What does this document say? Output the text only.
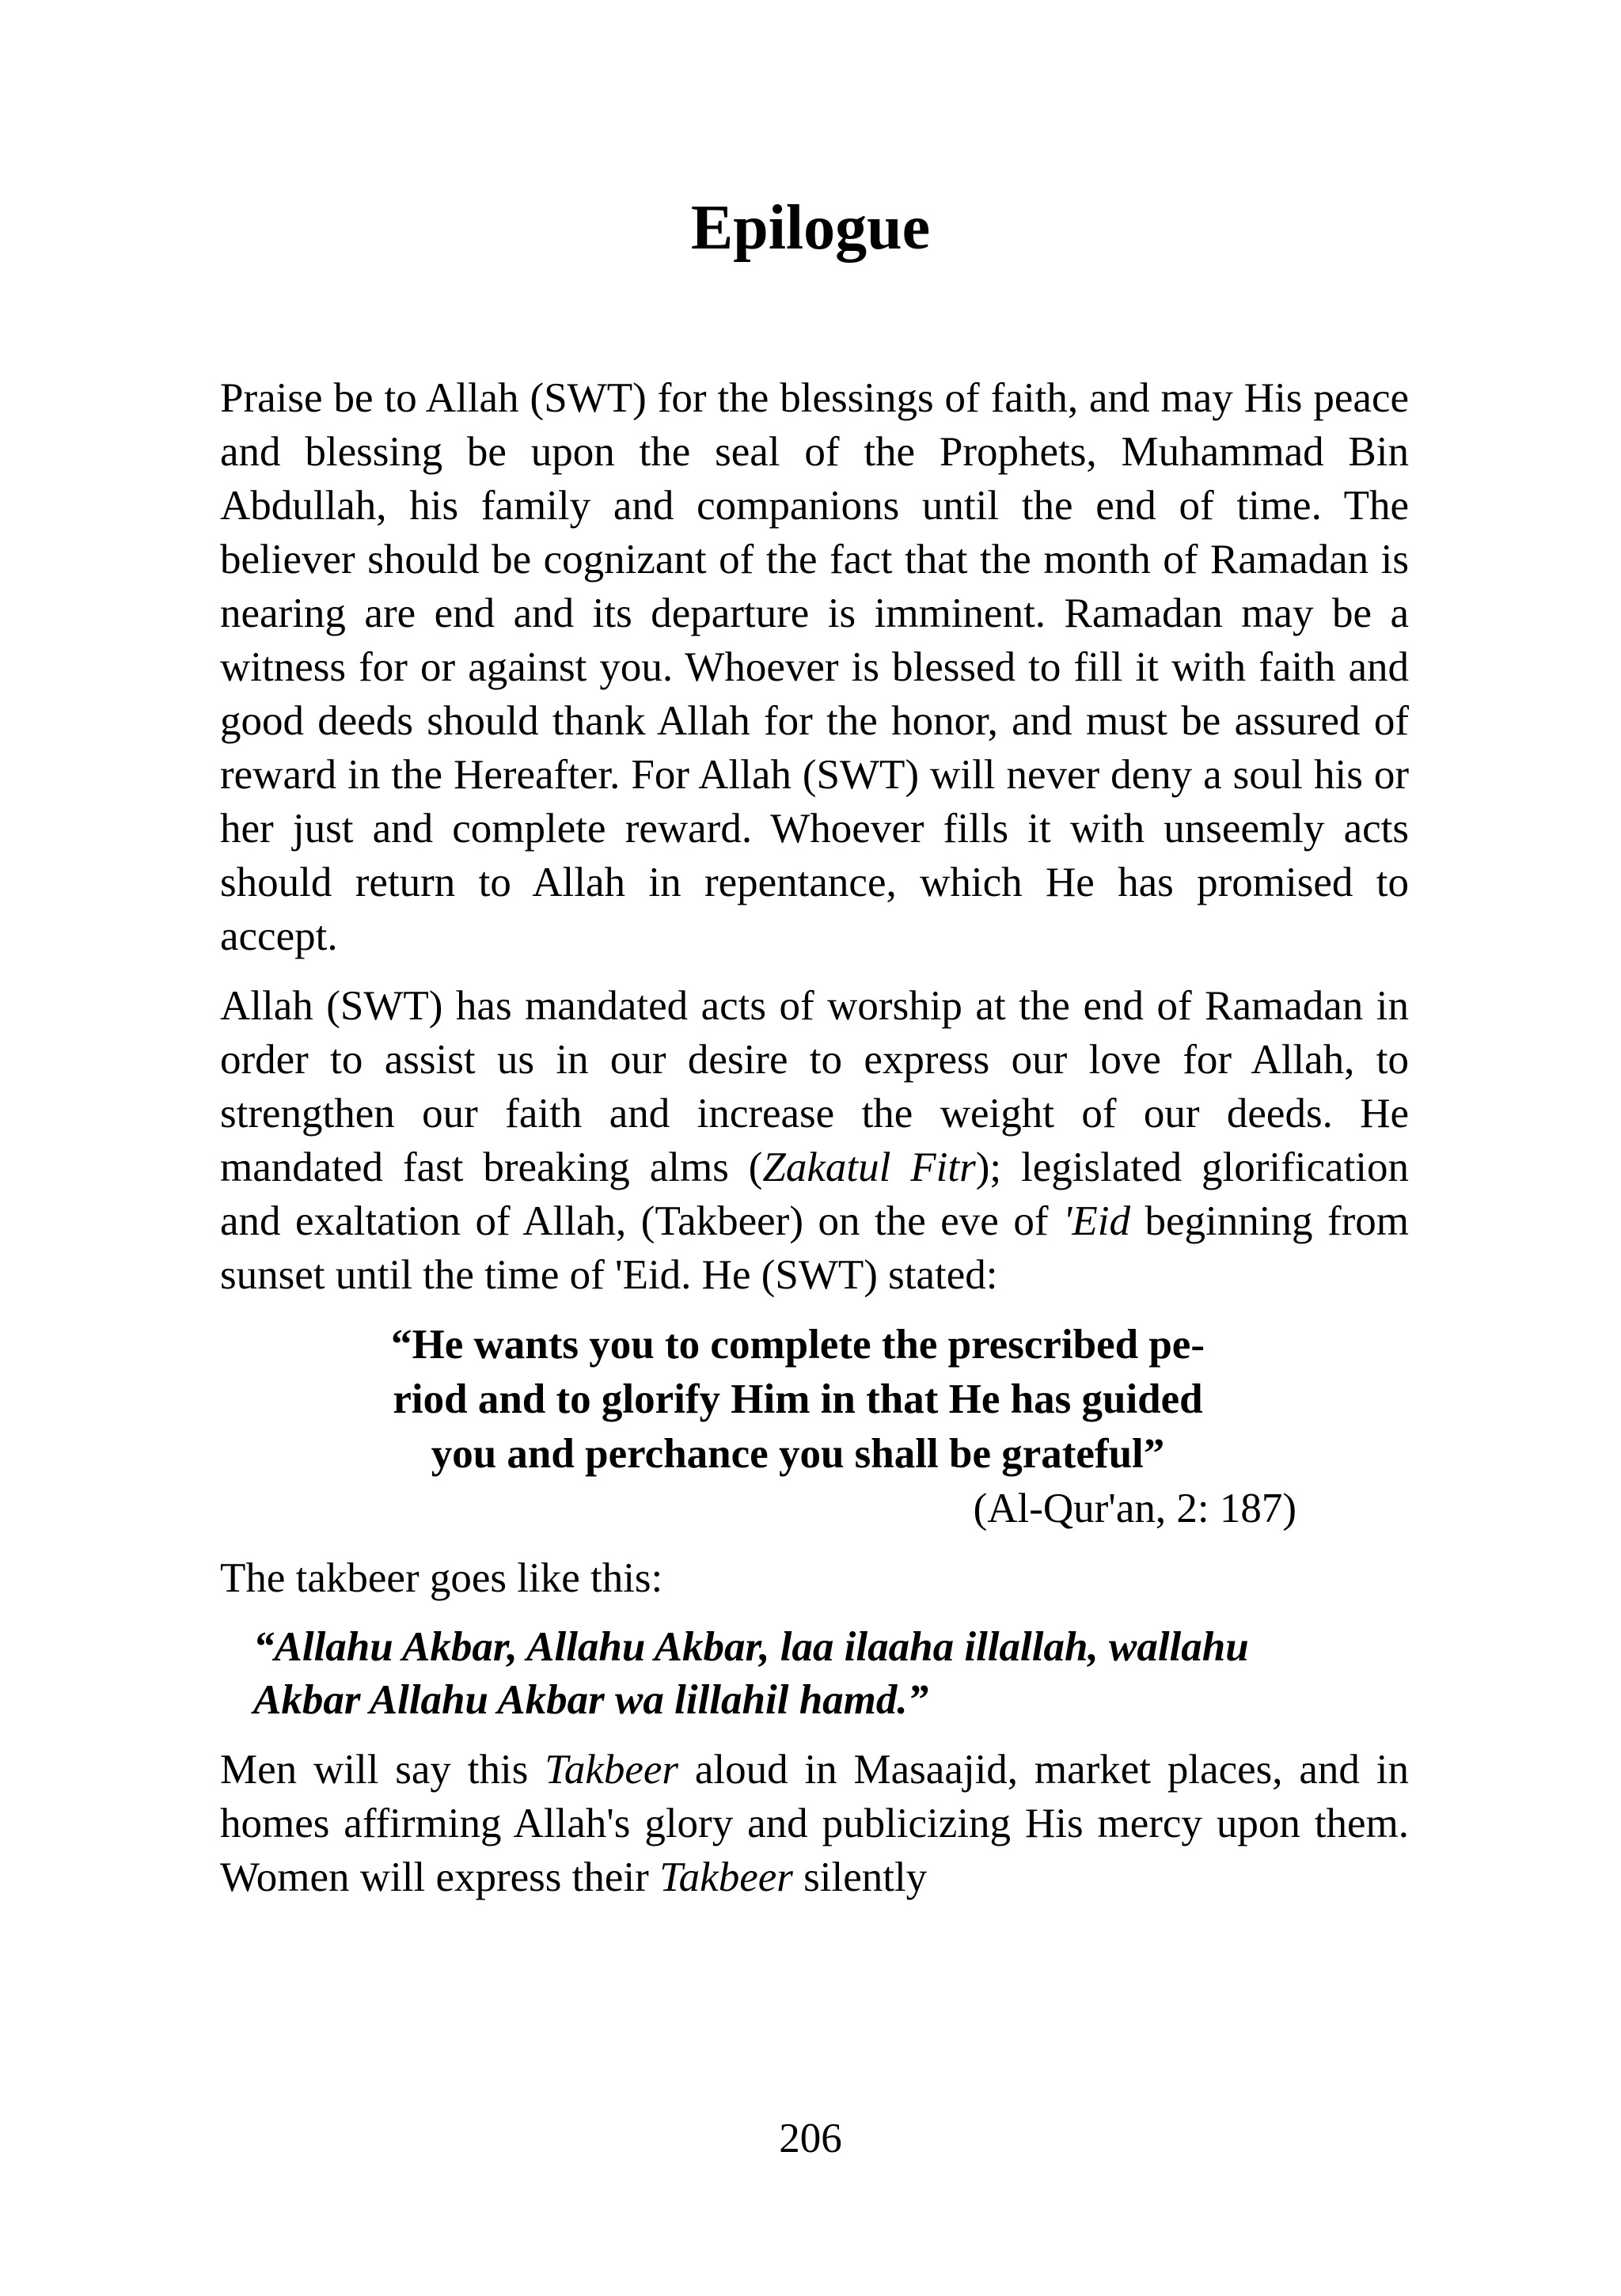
Epilogue

Praise be to Allah (SWT) for the blessings of faith, and may His peace and blessing be upon the seal of the Prophets, Muhammad Bin Abdullah, his family and companions until the end of time. The believer should be cognizant of the fact that the month of Ramadan is nearing are end and its departure is imminent. Ramadan may be a witness for or against you. Whoever is blessed to fill it with faith and good deeds should thank Allah for the honor, and must be assured of reward in the Hereafter. For Allah (SWT) will never deny a soul his or her just and complete reward. Whoever fills it with unseemly acts should return to Allah in repentance, which He has promised to accept.

Allah (SWT) has mandated acts of worship at the end of Ramadan in order to assist us in our desire to express our love for Allah, to strengthen our faith and increase the weight of our deeds. He mandated fast breaking alms (Zakatul Fitr); legislated glorification and exaltation of Allah, (Takbeer) on the eve of 'Eid beginning from sunset until the time of 'Eid. He (SWT) stated:

“He wants you to complete the prescribed pe-
riod and to glorify Him in that He has guided
you and perchance you shall be grateful”
(Al-Qur'an, 2: 187)

The takbeer goes like this:

“Allahu Akbar, Allahu Akbar, laa ilaaha illallah, wallahu
Akbar Allahu Akbar wa lillahil hamd.”

Men will say this Takbeer aloud in Masaajid, market places, and in homes affirming Allah's glory and publicizing His mercy upon them. Women will express their Takbeer silently

206
